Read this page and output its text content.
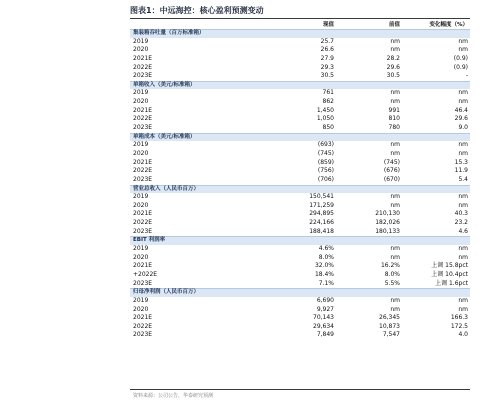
图表1：中远海控：核心盈利预测变动
现值	前值	变化幅度（%）
集装箱吞吐量（百万标准箱）
2019	25.7	nm	nm
2020	26.6	nm	nm
2021E	27.9	28.2	(0.9)
2022E	29.3	29.6	(0.9)
2023E	30.5	30.5	-
单箱收入（美元/标准箱）
2019	761	nm	nm
2020	862	nm	nm
2021E	1,450	991	46.4
2022E	1,050	810	29.6
2023E	850	780	9.0
单箱成本（美元/标准箱）
2019	(693)	nm	nm
2020	(745)	nm	nm
2021E	(859)	(745)	15.3
2022E	(756)	(676)	11.9
2023E	(706)	(670)	5.4
营业总收入（人民币百万）
2019	150,541	nm	nm
2020	171,259	nm	nm
2021E	294,895	210,130	40.3
2022E	224,166	182,026	23.2
2023E	188,418	180,133	4.6
EBIT 利润率
2019	4.6%	nm	nm
2020	8.0%	nm	nm
2021E	32.0%	16.2%	上调 15.8pct
+2022E	18.4%	8.0%	上调 10.4pct
2023E	7.1%	5.5%	上调 1.6pct
归母净利润（人民币百万）
2019	6,690	nm	nm
2020	9,927	nm	nm
2021E	70,143	26,345	166.3
2022E	29,634	10,873	172.5
2023E	7,849	7,547	4.0
资料来源：公司公告，华泰研究预测
